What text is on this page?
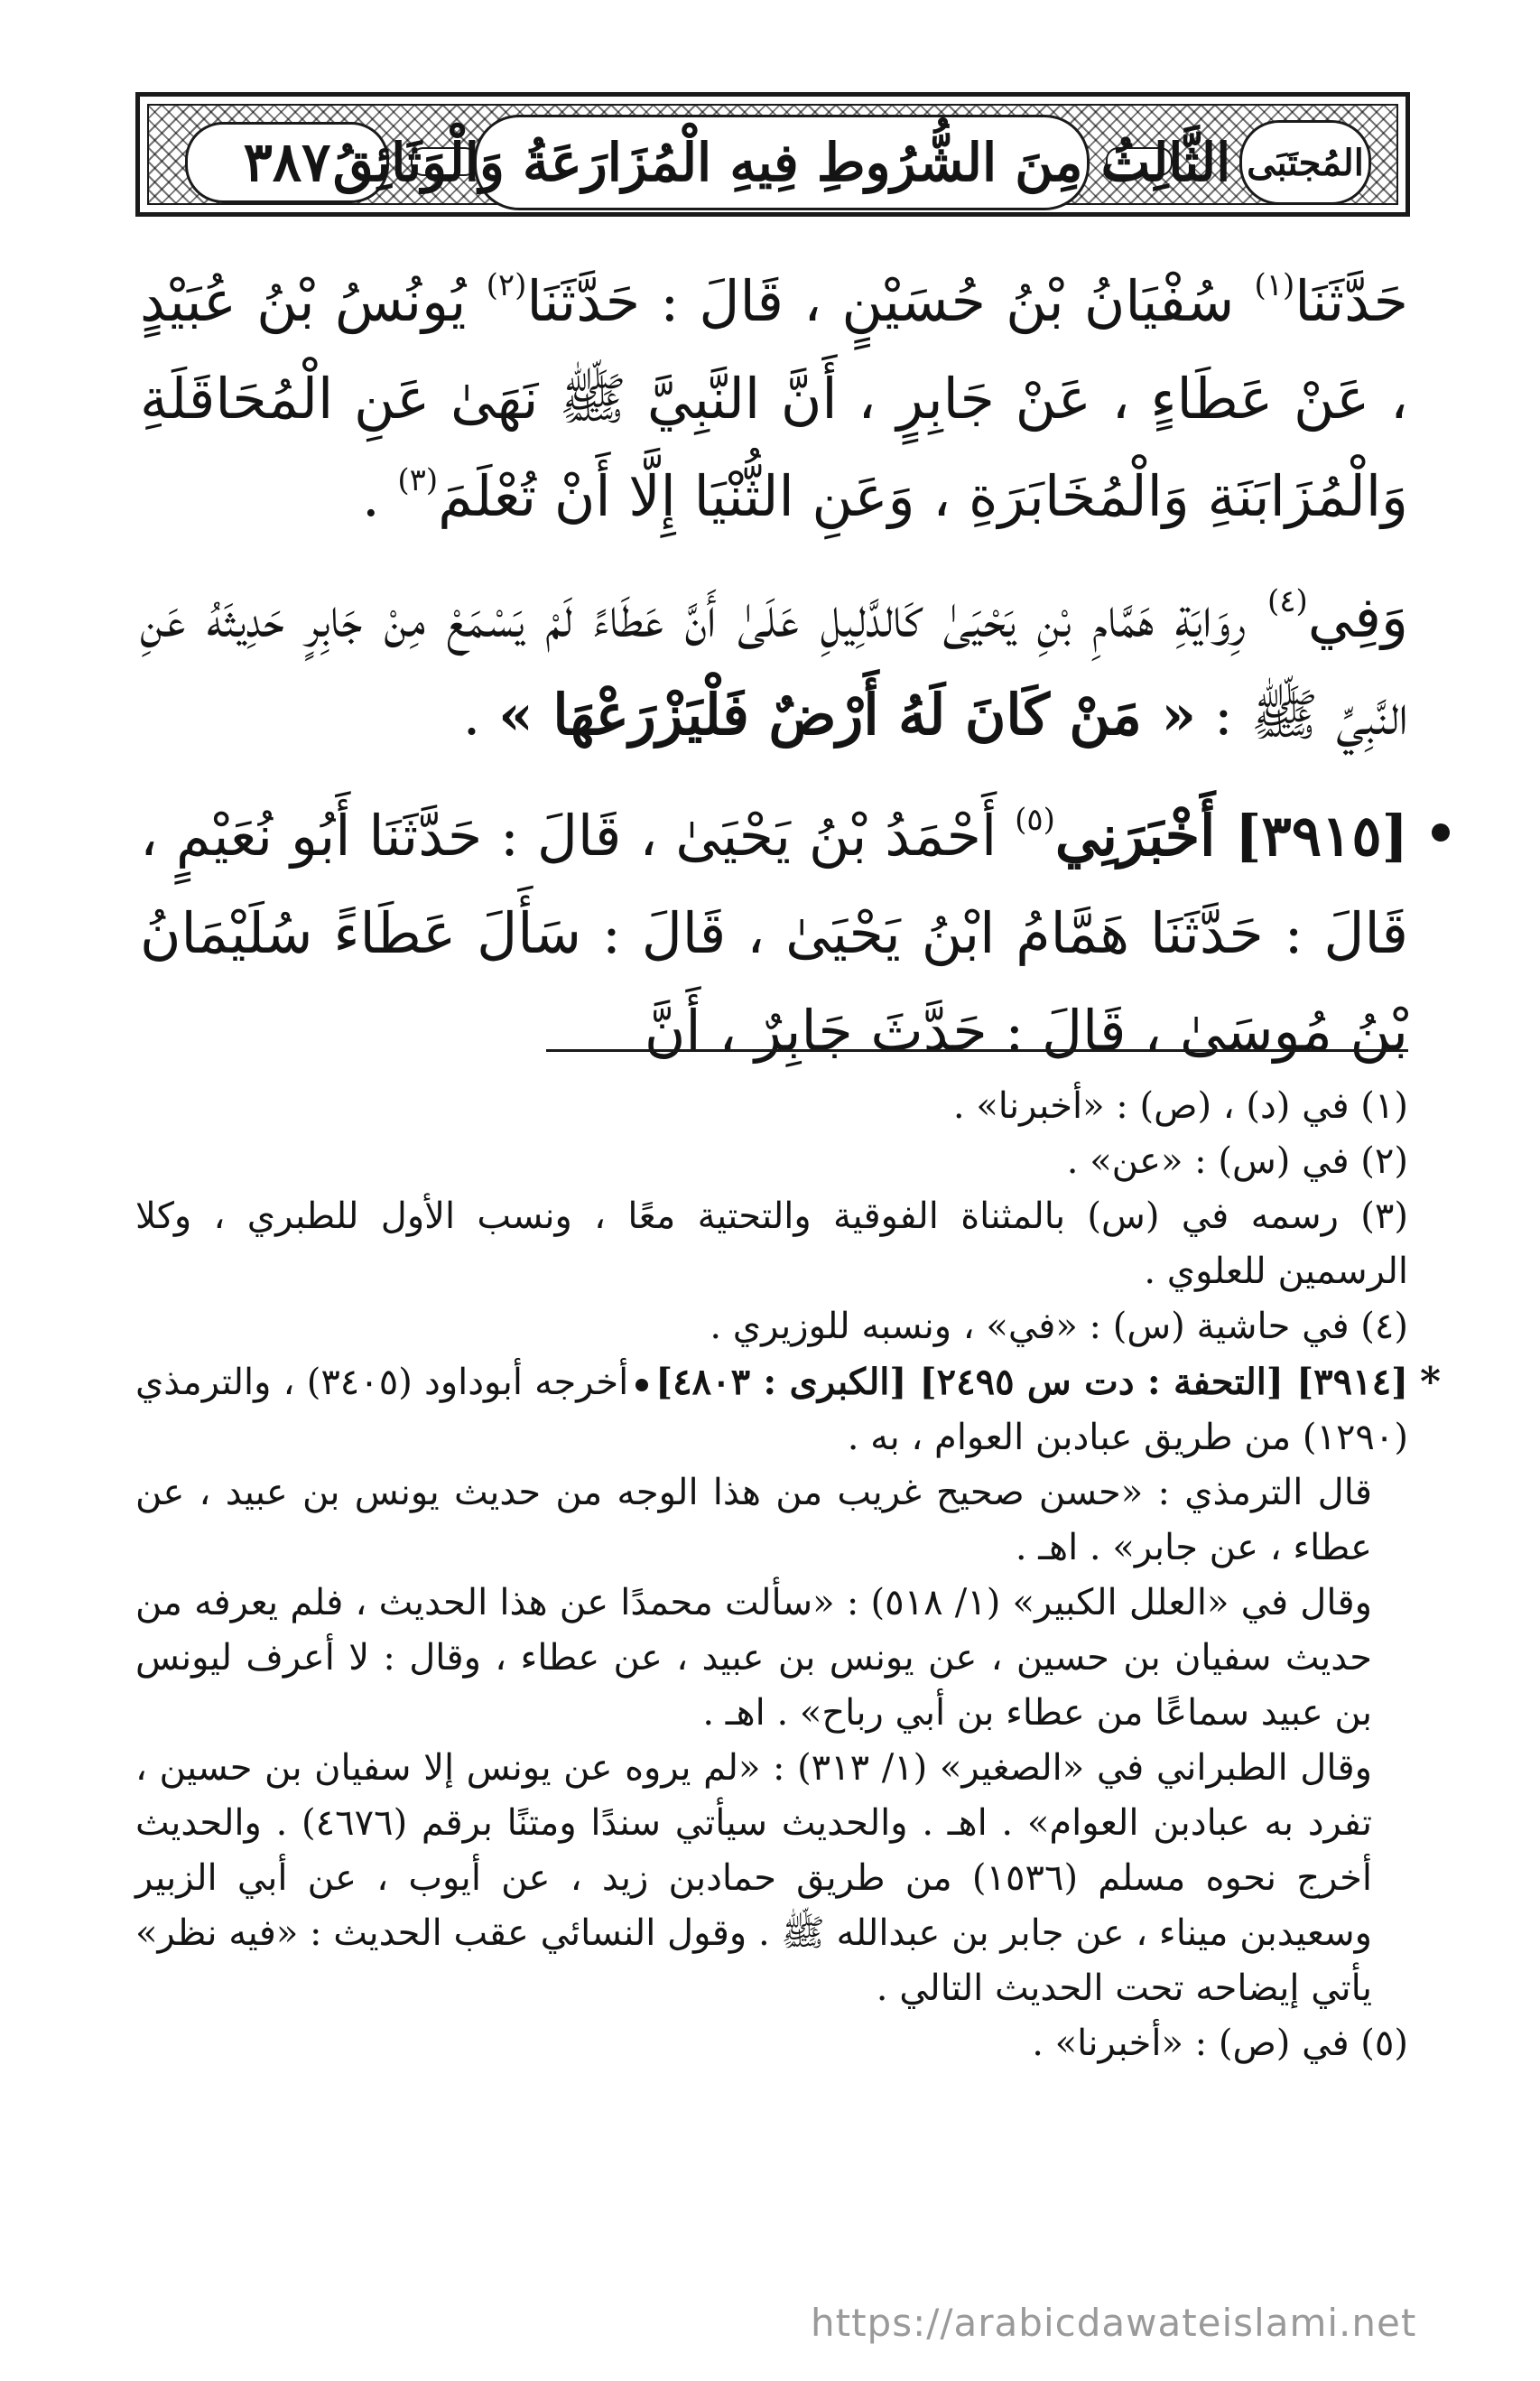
٣٨٧ الثَّالِثُ مِنَ الشُّرُوطِ فِيهِ الْمُزَارَعَةُ وَالْوَثَائِقُ المُجتَبَى

حَدَّثَنَا$^{(١)}$ سُفْيَانُ بْنُ حُسَيْنٍ ، قَالَ : حَدَّثَنَا$^{(٢)}$ يُونُسُ بْنُ عُبَيْدٍ ، عَنْ عَطَاءٍ ، عَنْ جَابِرٍ ، أَنَّ النَّبِيَّ ﷺ نَهَىٰ عَنِ الْمُحَاقَلَةِ وَالْمُزَابَنَةِ وَالْمُخَابَرَةِ ، وَعَنِ الثُّنْيَا إِلَّا أَنْ تُعْلَمَ$^{(٣)}$ .

وَفِي$^{(٤)}$ رِوَايَةِ هَمَّامِ بْنِ يَحْيَىٰ كَالدَّلِيلِ عَلَىٰ أَنَّ عَطَاءً لَمْ يَسْمَعْ مِنْ جَابِرٍ حَدِيثَهُ عَنِ النَّبِيِّ ﷺ : « مَنْ كَانَ لَهُ أَرْضٌ فَلْيَزْرَعْهَا » .

[٣٩١٥] أَخْبَرَنِي$^{(٥)}$ أَحْمَدُ بْنُ يَحْيَىٰ ، قَالَ : حَدَّثَنَا أَبُو نُعَيْمٍ ، قَالَ : حَدَّثَنَا هَمَّامُ ابْنُ يَحْيَىٰ ، قَالَ : سَأَلَ عَطَاءً سُلَيْمَانُ بْنُ مُوسَىٰ ، قَالَ : حَدَّثَ جَابِرٌ ، أَنَّ

(١) في (د) ، (ص) : «أخبرنا» .

(٢) في (س) : «عن» .

(٣) رسمه في (س) بالمثناة الفوقية والتحتية معًا ، ونسب الأول للطبري ، وكلا الرسمين للعلوي .

(٤) في حاشية (س) : «في» ، ونسبه للوزيري .

*
[٣٩١٤] [التحفة : دت س ٢٤٩٥] [الكبرى : ٤٨٠٣]أخرجه أبوداود (٣٤٠٥) ، والترمذي (١٢٩٠) من طريق عبادبن العوام ، به .

قال الترمذي : «حسن صحيح غريب من هذا الوجه من حديث يونس بن عبيد ، عن عطاء ، عن جابر» . اهـ .

وقال في «العلل الكبير» (١/ ٥١٨) : «سألت محمدًا عن هذا الحديث ، فلم يعرفه من حديث سفيان بن حسين ، عن يونس بن عبيد ، عن عطاء ، وقال : لا أعرف ليونس بن عبيد سماعًا من عطاء بن أبي رباح» . اهـ .

وقال الطبراني في «الصغير» (١/ ٣١٣) : «لم يروه عن يونس إلا سفيان بن حسين ، تفرد به عبادبن العوام» . اهـ . والحديث سيأتي سندًا ومتنًا برقم (٤٦٧٦) . والحديث أخرج نحوه مسلم (١٥٣٦) من طريق حمادبن زيد ، عن أيوب ، عن أبي الزبير وسعيدبن ميناء ، عن جابر بن عبدالله ﷺ . وقول النسائي عقب الحديث : «فيه نظر» يأتي إيضاحه تحت الحديث التالي .

(٥) في (ص) : «أخبرنا» .

https://arabicdawateislami.net
